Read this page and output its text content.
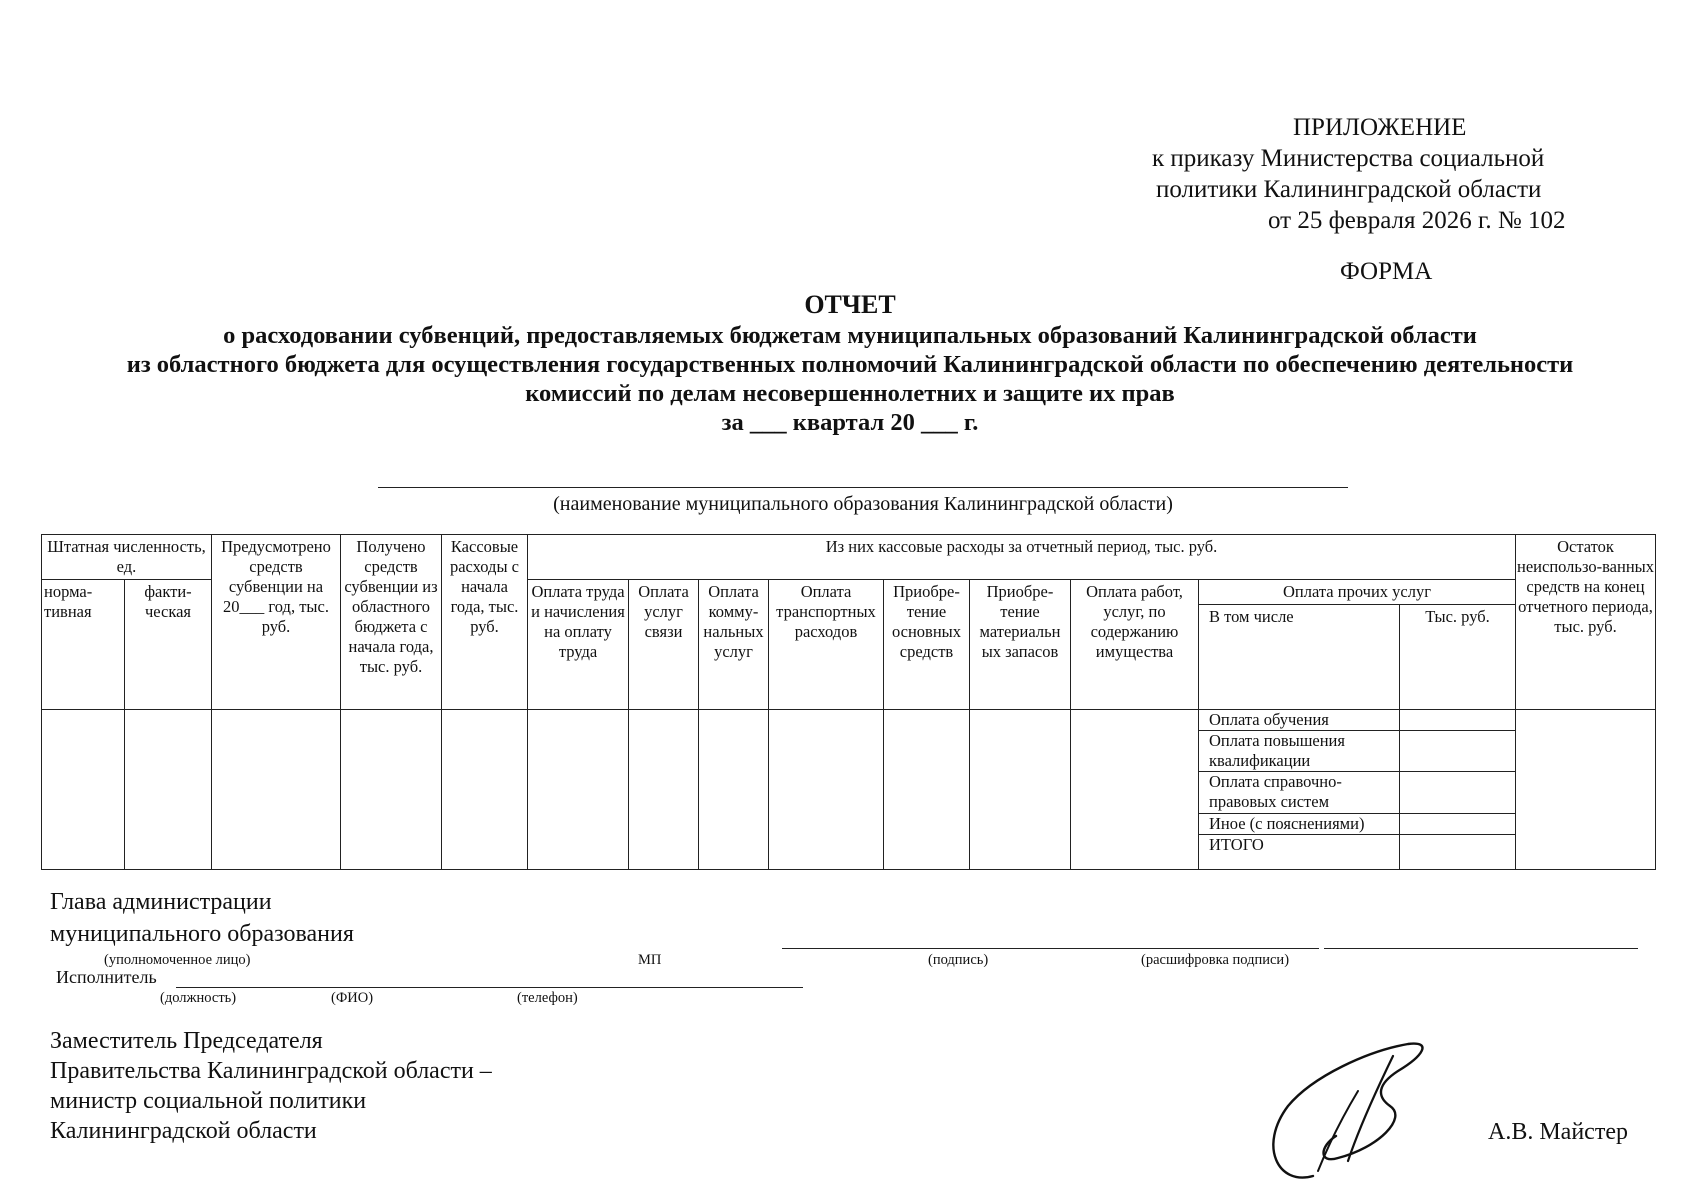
ПРИЛОЖЕНИЕ
к приказу Министерства социальной
политики Калининградской области
от 25 февраля 2026 г. № 102
ФОРМА
ОТЧЕТ
о расходовании субвенций, предоставляемых бюджетам муниципальных образований Калининградской области
из областного бюджета для осуществления государственных полномочий Калининградской области по обеспечению деятельности
комиссий по делам несовершеннолетних и защите их прав
за ___ квартал 20 ___ г.
(наименование муниципального образования Калининградской области)
Штатная численность, ед.		Предусмотрено средств субвенции на 20___ год, тыс. руб.	Получено средств субвенции из областного бюджета с начала года, тыс. руб.	Кассовые расходы с начала года, тыс. руб.	Из них кассовые расходы за отчетный период, тыс. руб.									Остаток неиспользо-ванных средств на конец отчетного периода, тыс. руб.
норма-тивная	факти-ческая				Оплата труда и начисления на оплату труда	Оплата услуг связи	Оплата комму-нальных услуг	Оплата транспортных расходов	Приобре-тение основных средств	Приобре-тение материальн ых запасов	Оплата работ, услуг, по содержанию имущества	Оплата прочих услуг		
												В том числе	Тыс. руб.	
												Оплата обучения		
												Оплата повышения квалификации		
												Оплата справочно-правовых систем		
												Иное (с пояснениями)		
												ИТОГО		
Глава администрации
муниципального образования
(уполномоченное лицо)	МП	(подпись)	(расшифровка подписи)
Исполнитель
(должность)	(ФИО)	(телефон)
Заместитель Председателя
Правительства Калининградской области –
министр социальной политики
Калининградской области	А.В. Майстер
